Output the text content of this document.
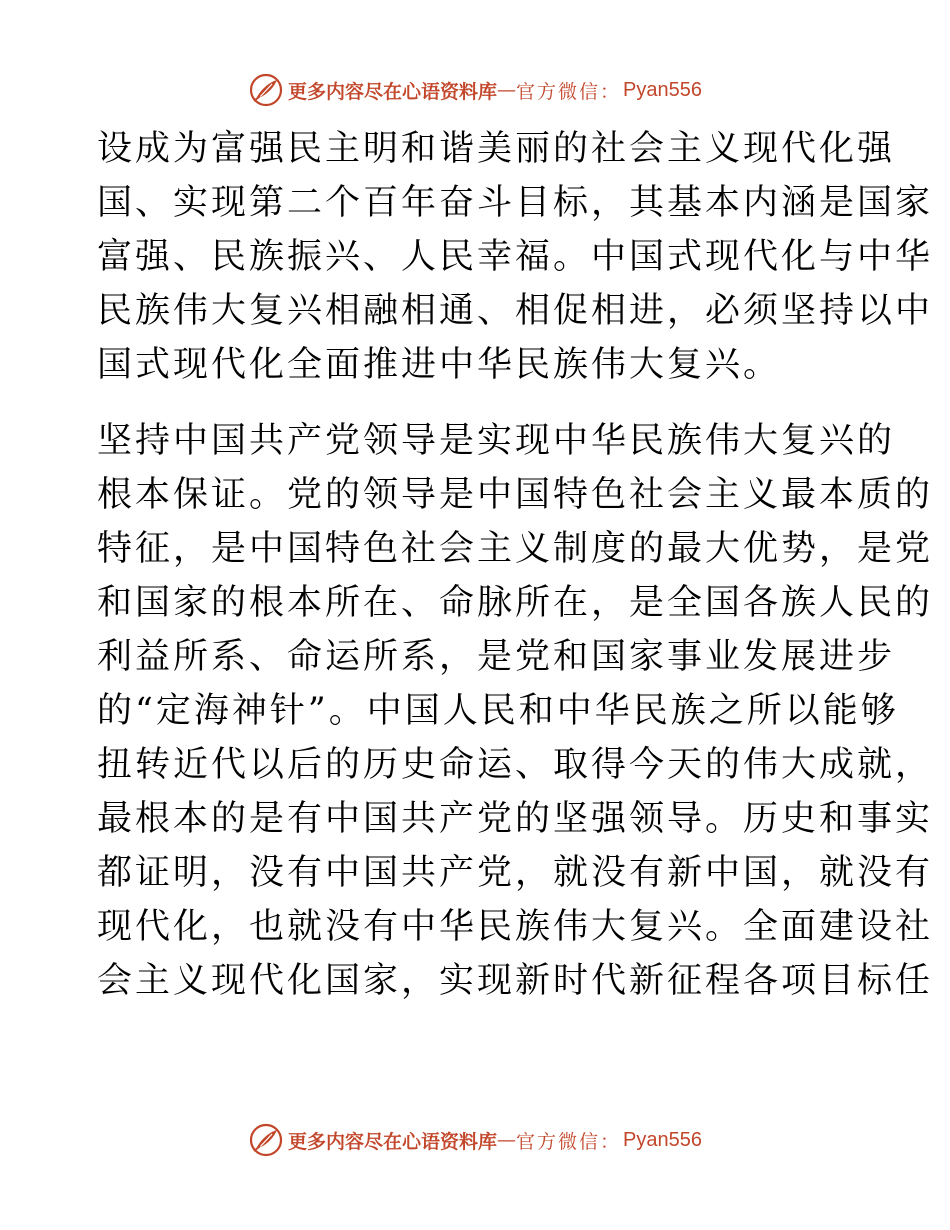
更多内容尽在心语资料库 — 官方微信： Pyan556
设成为富强民主明和谐美丽的社会主义现代化强
国、实现第二个百年奋斗目标，其基本内涵是国家
富强、民族振兴、人民幸福。中国式现代化与中华
民族伟大复兴相融相通、相促相进，必须坚持以中
国式现代化全面推进中华民族伟大复兴。
坚持中国共产党领导是实现中华民族伟大复兴的
根本保证。党的领导是中国特色社会主义最本质的
特征，是中国特色社会主义制度的最大优势，是党
和国家的根本所在、命脉所在，是全国各族人民的
利益所系、命运所系，是党和国家事业发展进步
的“定海神针”。中国人民和中华民族之所以能够
扭转近代以后的历史命运、取得今天的伟大成就，
最根本的是有中国共产党的坚强领导。历史和事实
都证明，没有中国共产党，就没有新中国，就没有
现代化，也就没有中华民族伟大复兴。全面建设社
会主义现代化国家，实现新时代新征程各项目标任
更多内容尽在心语资料库 — 官方微信： Pyan556
